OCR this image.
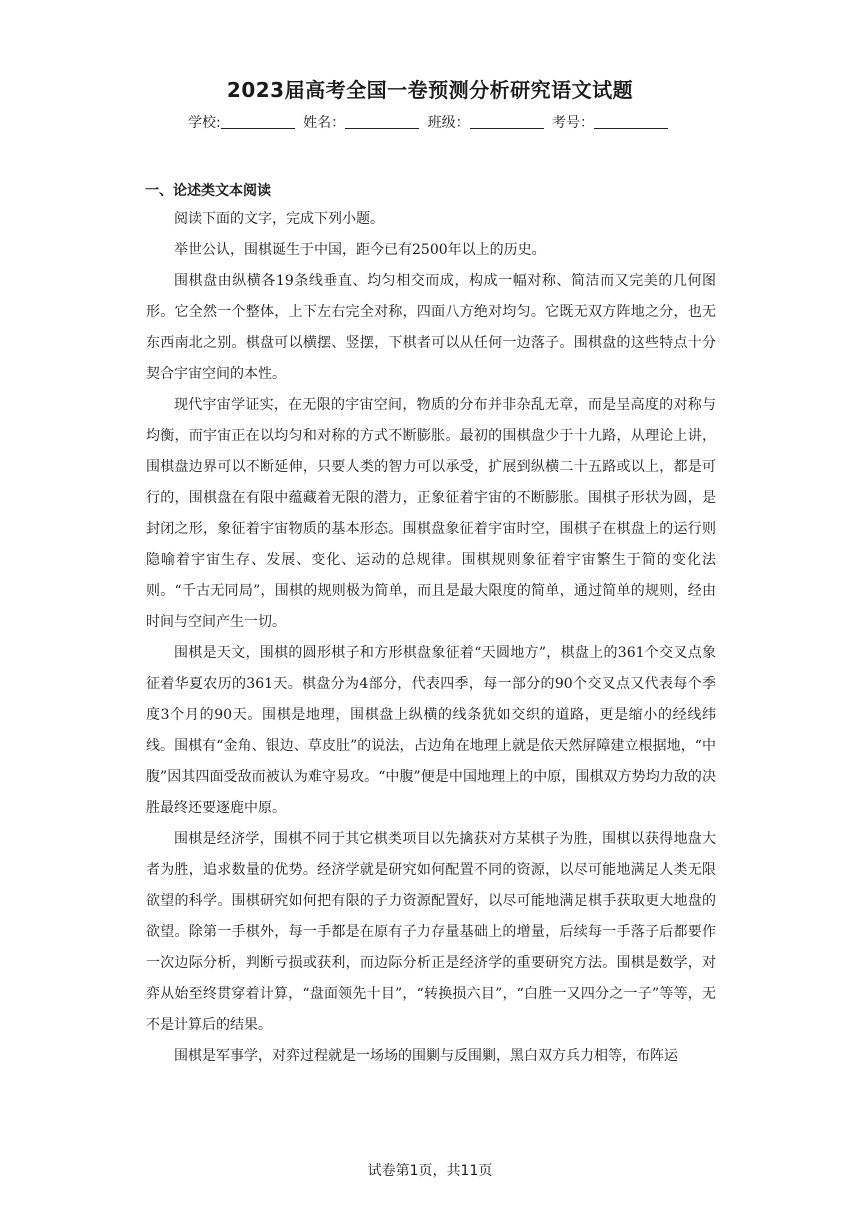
2023届高考全国一卷预测分析研究语文试题
学校:	姓名：	班级：	考号：
一、论述类文本阅读

阅读下面的文字，完成下列小题。

举世公认，围棋诞生于中国，距今已有2500年以上的历史。

围棋盘由纵横各19条线垂直、均匀相交而成，构成一幅对称、简洁而又完美的几何图形。它全然一个整体，上下左右完全对称，四面八方绝对均匀。它既无双方阵地之分，也无东西南北之别。棋盘可以横摆、竖摆，下棋者可以从任何一边落子。围棋盘的这些特点十分契合宇宙空间的本性。

现代宇宙学证实，在无限的宇宙空间，物质的分布并非杂乱无章，而是呈高度的对称与均衡，而宇宙正在以均匀和对称的方式不断膨胀。最初的围棋盘少于十九路，从理论上讲，围棋盘边界可以不断延伸，只要人类的智力可以承受，扩展到纵横二十五路或以上，都是可行的，围棋盘在有限中蕴藏着无限的潜力，正象征着宇宙的不断膨胀。围棋子形状为圆，是封闭之形，象征着宇宙物质的基本形态。围棋盘象征着宇宙时空，围棋子在棋盘上的运行则隐喻着宇宙生存、发展、变化、运动的总规律。围棋规则象征着宇宙繁生于简的变化法则。“千古无同局”，围棋的规则极为简单，而且是最大限度的简单，通过简单的规则，经由时间与空间产生一切。

围棋是天文，围棋的圆形棋子和方形棋盘象征着“天圆地方”，棋盘上的361个交叉点象征着华夏农历的361天。棋盘分为4部分，代表四季，每一部分的90个交叉点又代表每个季度3个月的90天。围棋是地理，围棋盘上纵横的线条犹如交织的道路，更是缩小的经线纬线。围棋有“金角、银边、草皮肚”的说法，占边角在地理上就是依天然屏障建立根据地，“中腹”因其四面受敌而被认为难守易攻。“中腹”便是中国地理上的中原，围棋双方势均力敌的决胜最终还要逐鹿中原。

围棋是经济学，围棋不同于其它棋类项目以先擒获对方某棋子为胜，围棋以获得地盘大者为胜，追求数量的优势。经济学就是研究如何配置不同的资源，以尽可能地满足人类无限欲望的科学。围棋研究如何把有限的子力资源配置好，以尽可能地满足棋手获取更大地盘的欲望。除第一手棋外，每一手都是在原有子力存量基础上的增量，后续每一手落子后都要作一次边际分析，判断亏损或获利，而边际分析正是经济学的重要研究方法。围棋是数学，对弈从始至终贯穿着计算，“盘面领先十目”，“转换损六目”，“白胜一又四分之一子”等等，无不是计算后的结果。

围棋是军事学，对弈过程就是一场场的围剿与反围剿，黑白双方兵力相等，布阵运

试卷第1页，共11页
